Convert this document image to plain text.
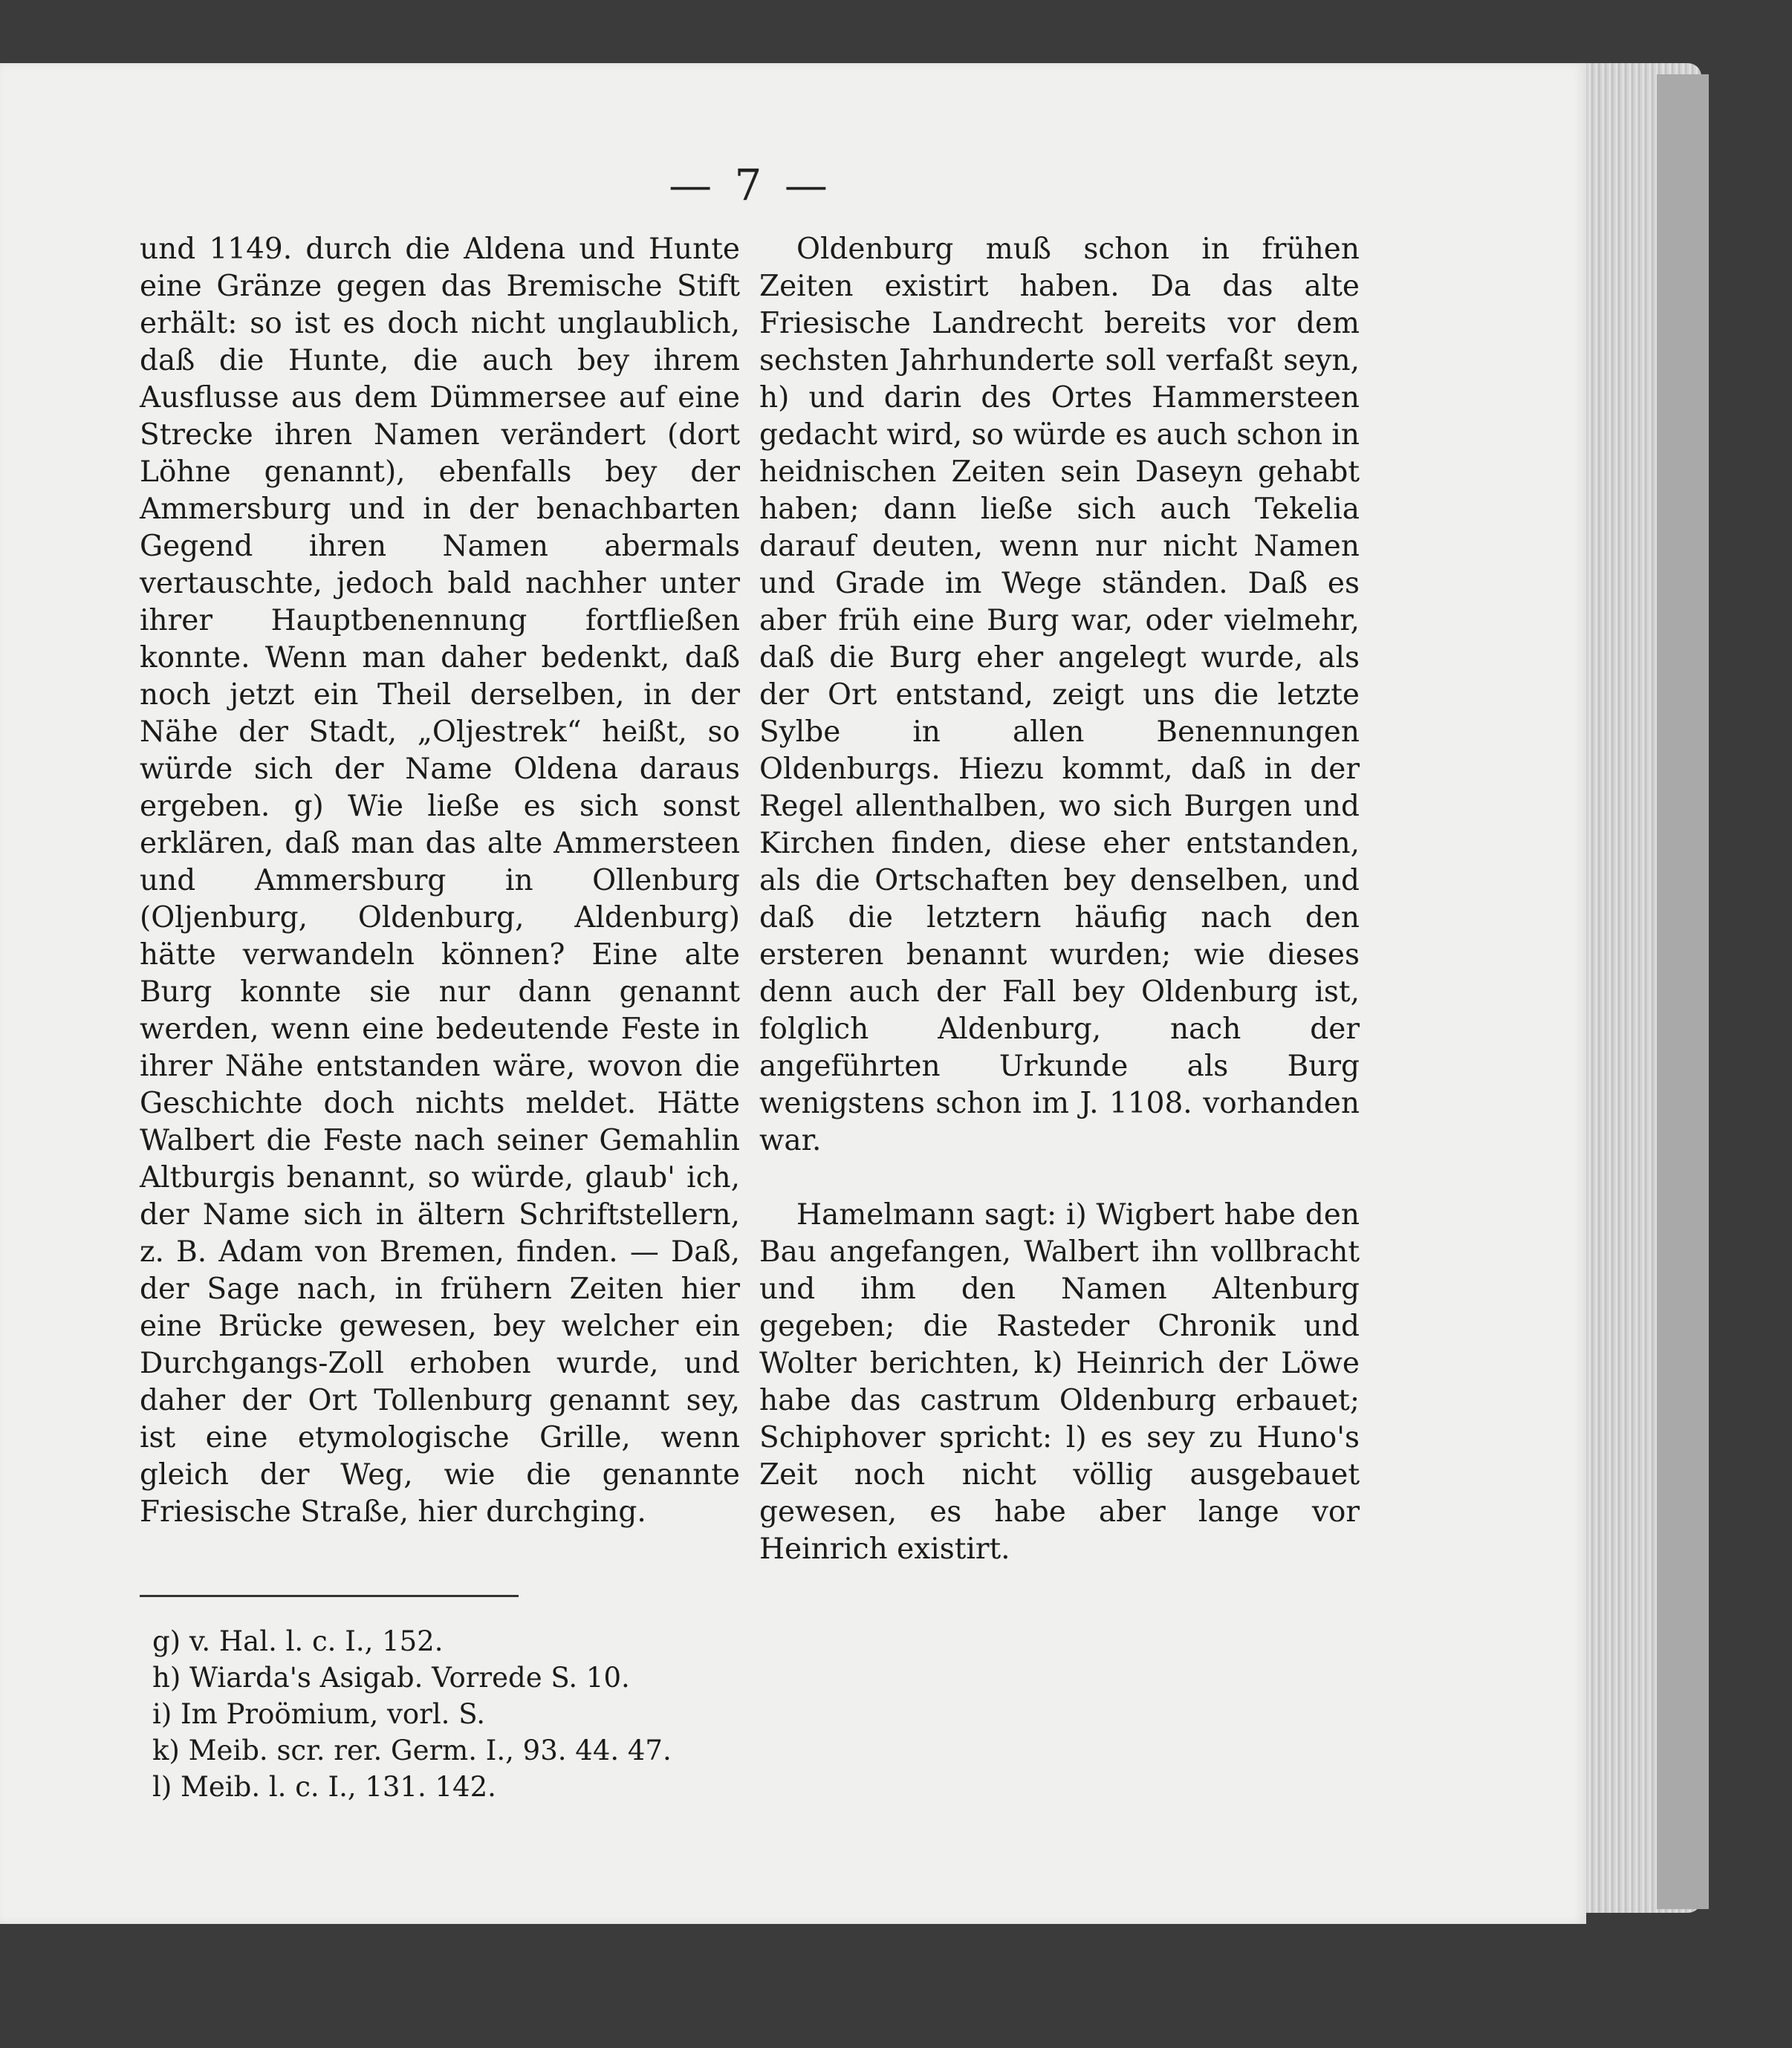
— 7 —

und 1149. durch die Aldena und Hunte eine Gränze gegen das Bremische Stift erhält: so ist es doch nicht unglaublich, daß die Hunte, die auch bey ihrem Ausflusse aus dem Dümmersee auf eine Strecke ihren Namen verändert (dort Löhne genannt), ebenfalls bey der Ammersburg und in der benachbarten Gegend ihren Namen abermals vertauschte, jedoch bald nachher unter ihrer Hauptbenennung fortfließen konnte. Wenn man daher bedenkt, daß noch jetzt ein Theil derselben, in der Nähe der Stadt, „Oljestrek“ heißt, so würde sich der Name Oldena daraus ergeben. g) Wie ließe es sich sonst erklären, daß man das alte Ammersteen und Ammersburg in Ollenburg (Oljenburg, Oldenburg, Aldenburg) hätte verwandeln können? Eine alte Burg konnte sie nur dann genannt werden, wenn eine bedeutende Feste in ihrer Nähe entstanden wäre, wovon die Geschichte doch nichts meldet. Hätte Walbert die Feste nach seiner Gemahlin Altburgis benannt, so würde, glaub' ich, der Name sich in ältern Schriftstellern, z. B. Adam von Bremen, finden. — Daß, der Sage nach, in frühern Zeiten hier eine Brücke gewesen, bey welcher ein Durchgangs-Zoll erhoben wurde, und daher der Ort Tollenburg genannt sey, ist eine etymologische Grille, wenn gleich der Weg, wie die genannte Friesische Straße, hier durchging.

Oldenburg muß schon in frühen Zeiten existirt haben. Da das alte Friesische Landrecht bereits vor dem sechsten Jahrhunderte soll verfaßt seyn, h) und darin des Ortes Hammersteen gedacht wird, so würde es auch schon in heidnischen Zeiten sein Daseyn gehabt haben; dann ließe sich auch Tekelia darauf deuten, wenn nur nicht Namen und Grade im Wege ständen. Daß es aber früh eine Burg war, oder vielmehr, daß die Burg eher angelegt wurde, als der Ort entstand, zeigt uns die letzte Sylbe in allen Benennungen Oldenburgs. Hiezu kommt, daß in der Regel allenthalben, wo sich Burgen und Kirchen finden, diese eher entstanden, als die Ortschaften bey denselben, und daß die letztern häufig nach den ersteren benannt wurden; wie dieses denn auch der Fall bey Oldenburg ist, folglich Aldenburg, nach der angeführten Urkunde als Burg wenigstens schon im J. 1108. vorhanden war.

Hamelmann sagt: i) Wigbert habe den Bau angefangen, Walbert ihn vollbracht und ihm den Namen Altenburg gegeben; die Rasteder Chronik und Wolter berichten, k) Heinrich der Löwe habe das castrum Oldenburg erbauet; Schiphover spricht: l) es sey zu Huno's Zeit noch nicht völlig ausgebauet gewesen, es habe aber lange vor Heinrich existirt.

g) v. Hal. l. c. I., 152.
h) Wiarda's Asigab. Vorrede S. 10.
i) Im Proömium, vorl. S.
k) Meib. scr. rer. Germ. I., 93. 44. 47.
l) Meib. l. c. I., 131. 142.
